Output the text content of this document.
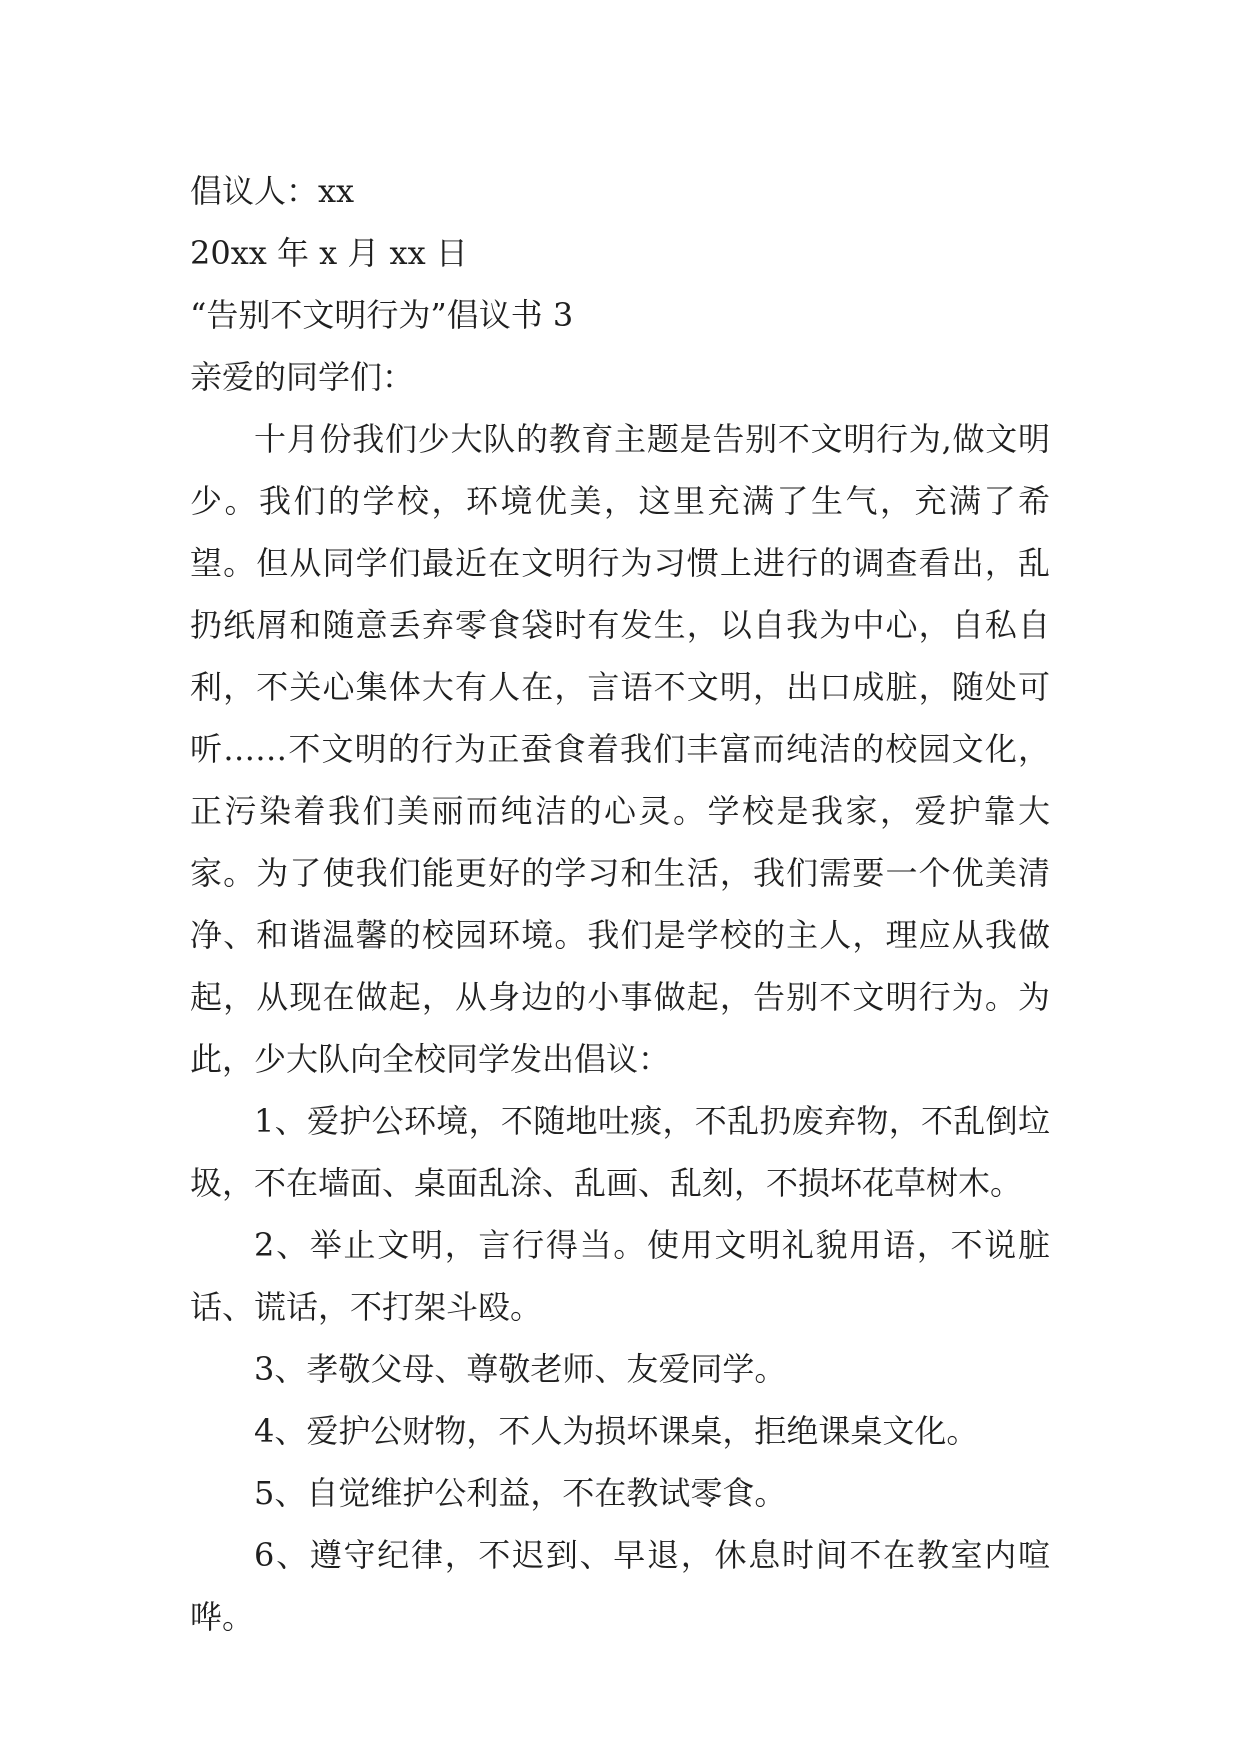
倡议人：xx

20xx 年 x 月 xx 日

“告别不文明行为”倡议书 3

亲爱的同学们：

十月份我们少大队的教育主题是告别不文明行为,做文明少。我们的学校，环境优美，这里充满了生气，充满了希望。但从同学们最近在文明行为习惯上进行的调查看出，乱扔纸屑和随意丢弃零食袋时有发生，以自我为中心，自私自利，不关心集体大有人在，言语不文明，出口成脏，随处可听……不文明的行为正蚕食着我们丰富而纯洁的校园文化，正污染着我们美丽而纯洁的心灵。学校是我家，爱护靠大家。为了使我们能更好的学习和生活，我们需要一个优美清净、和谐温馨的校园环境。我们是学校的主人，理应从我做起，从现在做起，从身边的小事做起，告别不文明行为。为此，少大队向全校同学发出倡议：

1、爱护公环境，不随地吐痰，不乱扔废弃物，不乱倒垃圾，不在墙面、桌面乱涂、乱画、乱刻，不损坏花草树木。

2、举止文明，言行得当。使用文明礼貌用语，不说脏话、谎话，不打架斗殴。

3、孝敬父母、尊敬老师、友爱同学。

4、爱护公财物，不人为损坏课桌，拒绝课桌文化。

5、自觉维护公利益，不在教试零食。

6、遵守纪律，不迟到、早退，休息时间不在教室内喧哗。
